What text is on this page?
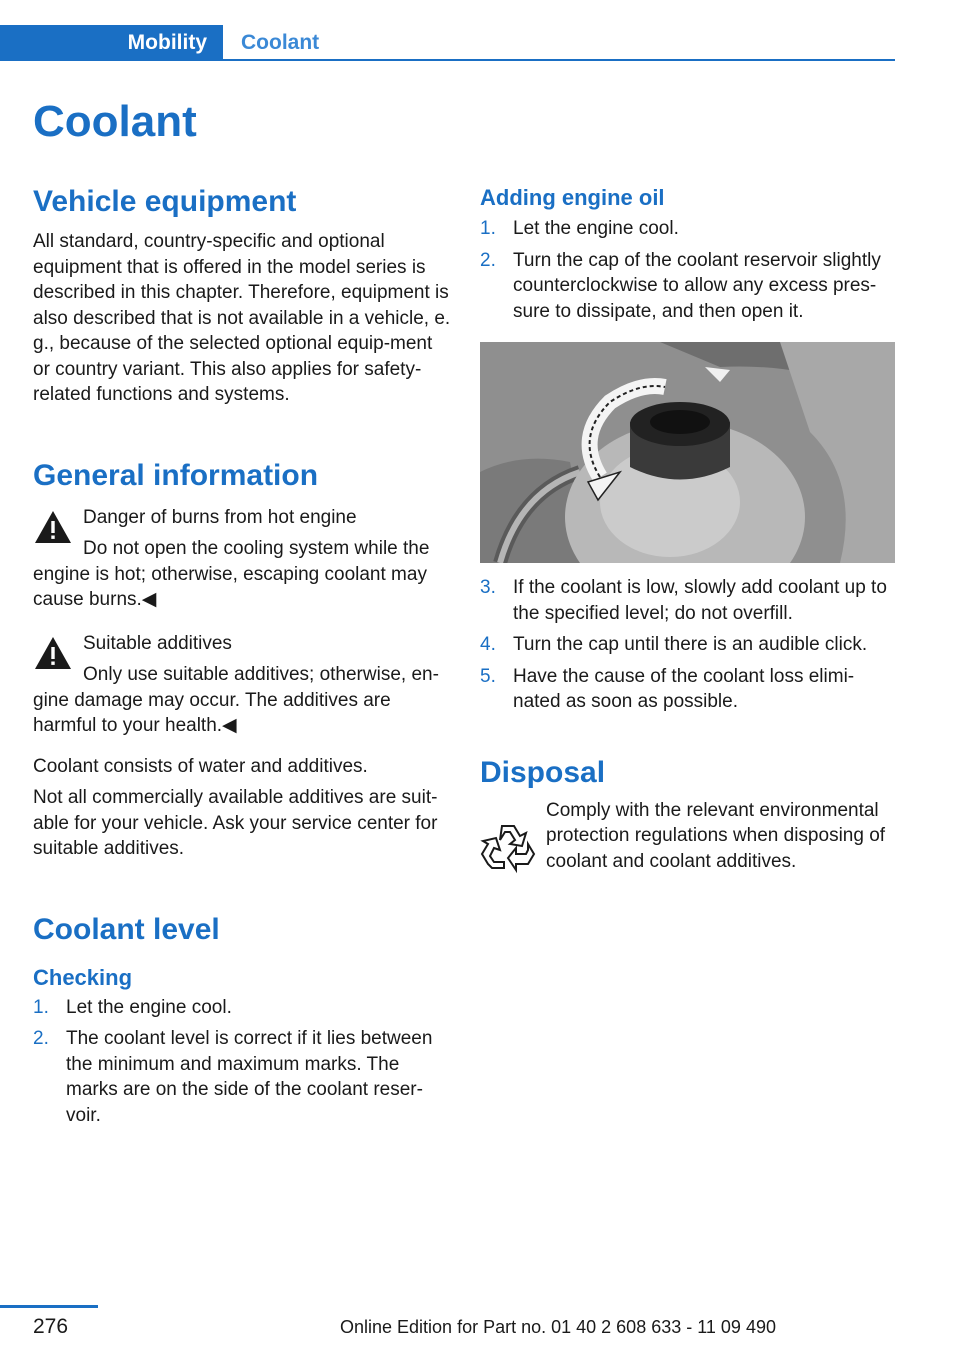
Mobility	Coolant
Coolant
Vehicle equipment

All standard, country-specific and optional equipment that is offered in the model series is described in this chapter. Therefore, equipment is also described that is not available in a vehicle, e. g., because of the selected optional equip‐ment or country variant. This also applies for safety-related functions and systems.

General information

Danger of burns from hot engine

Do not open the cooling system while the

engine is hot; otherwise, escaping coolant may cause burns.◀

Suitable additives

Only use suitable additives; otherwise, en‐

gine damage may occur. The additives are harmful to your health.◀

Coolant consists of water and additives.

Not all commercially available additives are suit‐able for your vehicle. Ask your service center for suitable additives.

Coolant level
Checking
1. Let the engine cool.
2. The coolant level is correct if it lies between the minimum and maximum marks. The marks are on the side of the coolant reser‐voir.
Adding engine oil
1. Let the engine cool.
2. Turn the cap of the coolant reservoir slightly counterclockwise to allow any excess pres‐sure to dissipate, and then open it.
3. If the coolant is low, slowly add coolant up to the specified level; do not overfill.
4. Turn the cap until there is an audible click.
5. Have the cause of the coolant loss elimi‐nated as soon as possible.
Disposal

Comply with the relevant environmental protection regulations when disposing of coolant and coolant additives.

276	Online Edition for Part no. 01 40 2 608 633 - 11 09 490
